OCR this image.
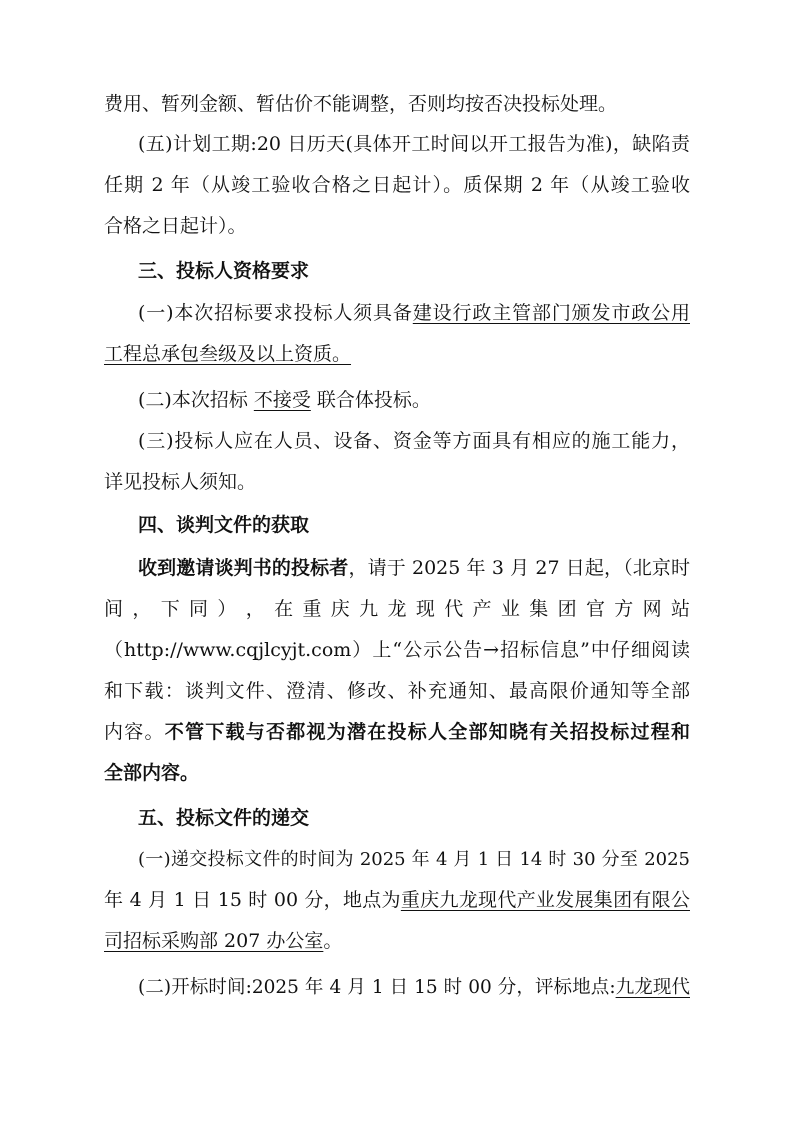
费用、暂列金额、暂估价不能调整，否则均按否决投标处理。
(五)计划工期:20 日历天(具体开工时间以开工报告为准)，缺陷责
任期 2 年（从竣工验收合格之日起计）。质保期 2 年（从竣工验收
合格之日起计）。
三、投标人资格要求
(一)本次招标要求投标人须具备建设行政主管部门颁发市政公用
工程总承包叁级及以上资质。
(二)本次招标 不接受 联合体投标。
(三)投标人应在人员、设备、资金等方面具有相应的施工能力，
详见投标人须知。
四、谈判文件的获取
收到邀请谈判书的投标者，请于 2025 年 3 月 27 日起，（北京时
间 ， 下 同 ） ， 在 重 庆 九 龙 现 代 产 业 集 团 官 方 网 站
（http://www.cqjlcyjt.com）上“公示公告→招标信息”中仔细阅读
和下载：谈判文件、澄清、修改、补充通知、最高限价通知等全部
内容。不管下载与否都视为潜在投标人全部知晓有关招投标过程和
全部内容。
五、投标文件的递交
(一)递交投标文件的时间为 2025 年 4 月 1 日 14 时 30 分至 2025
年 4 月 1 日 15 时 00 分，地点为重庆九龙现代产业发展集团有限公
司招标采购部 207 办公室。
(二)开标时间:2025 年 4 月 1 日 15 时 00 分，评标地点:九龙现代
